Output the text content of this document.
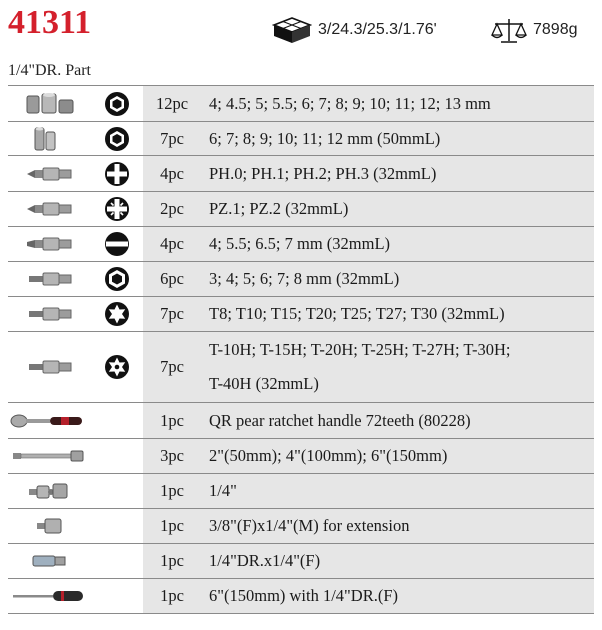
41311	3/24.3/25.3/1.76'	7898g
1/4"DR. Part

	12pc	4; 4.5; 5; 5.5; 6; 7; 8; 9; 10; 11; 12; 13 mm

	7pc	6; 7; 8; 9; 10; 11; 12 mm (50mmL)

	4pc	PH.0; PH.1; PH.2; PH.3 (32mmL)

	2pc	PZ.1; PZ.2 (32mmL)

	4pc	4; 5.5; 6.5; 7 mm (32mmL)

	6pc	3; 4; 5; 6; 7; 8 mm (32mmL)

	7pc	T8; T10; T15; T20; T25; T27; T30 (32mmL)

	7pc	T-10H; T-15H; T-20H; T-25H; T-27H; T-30H;
T-40H (32mmL)

		1pc	QR pear ratchet handle 72teeth (80228)

		3pc	2"(50mm); 4"(100mm); 6"(150mm)

		1pc	1/4"

		1pc	3/8"(F)x1/4"(M) for extension

		1pc	1/4"DR.x1/4"(F)

		1pc	6"(150mm) with 1/4"DR.(F)
